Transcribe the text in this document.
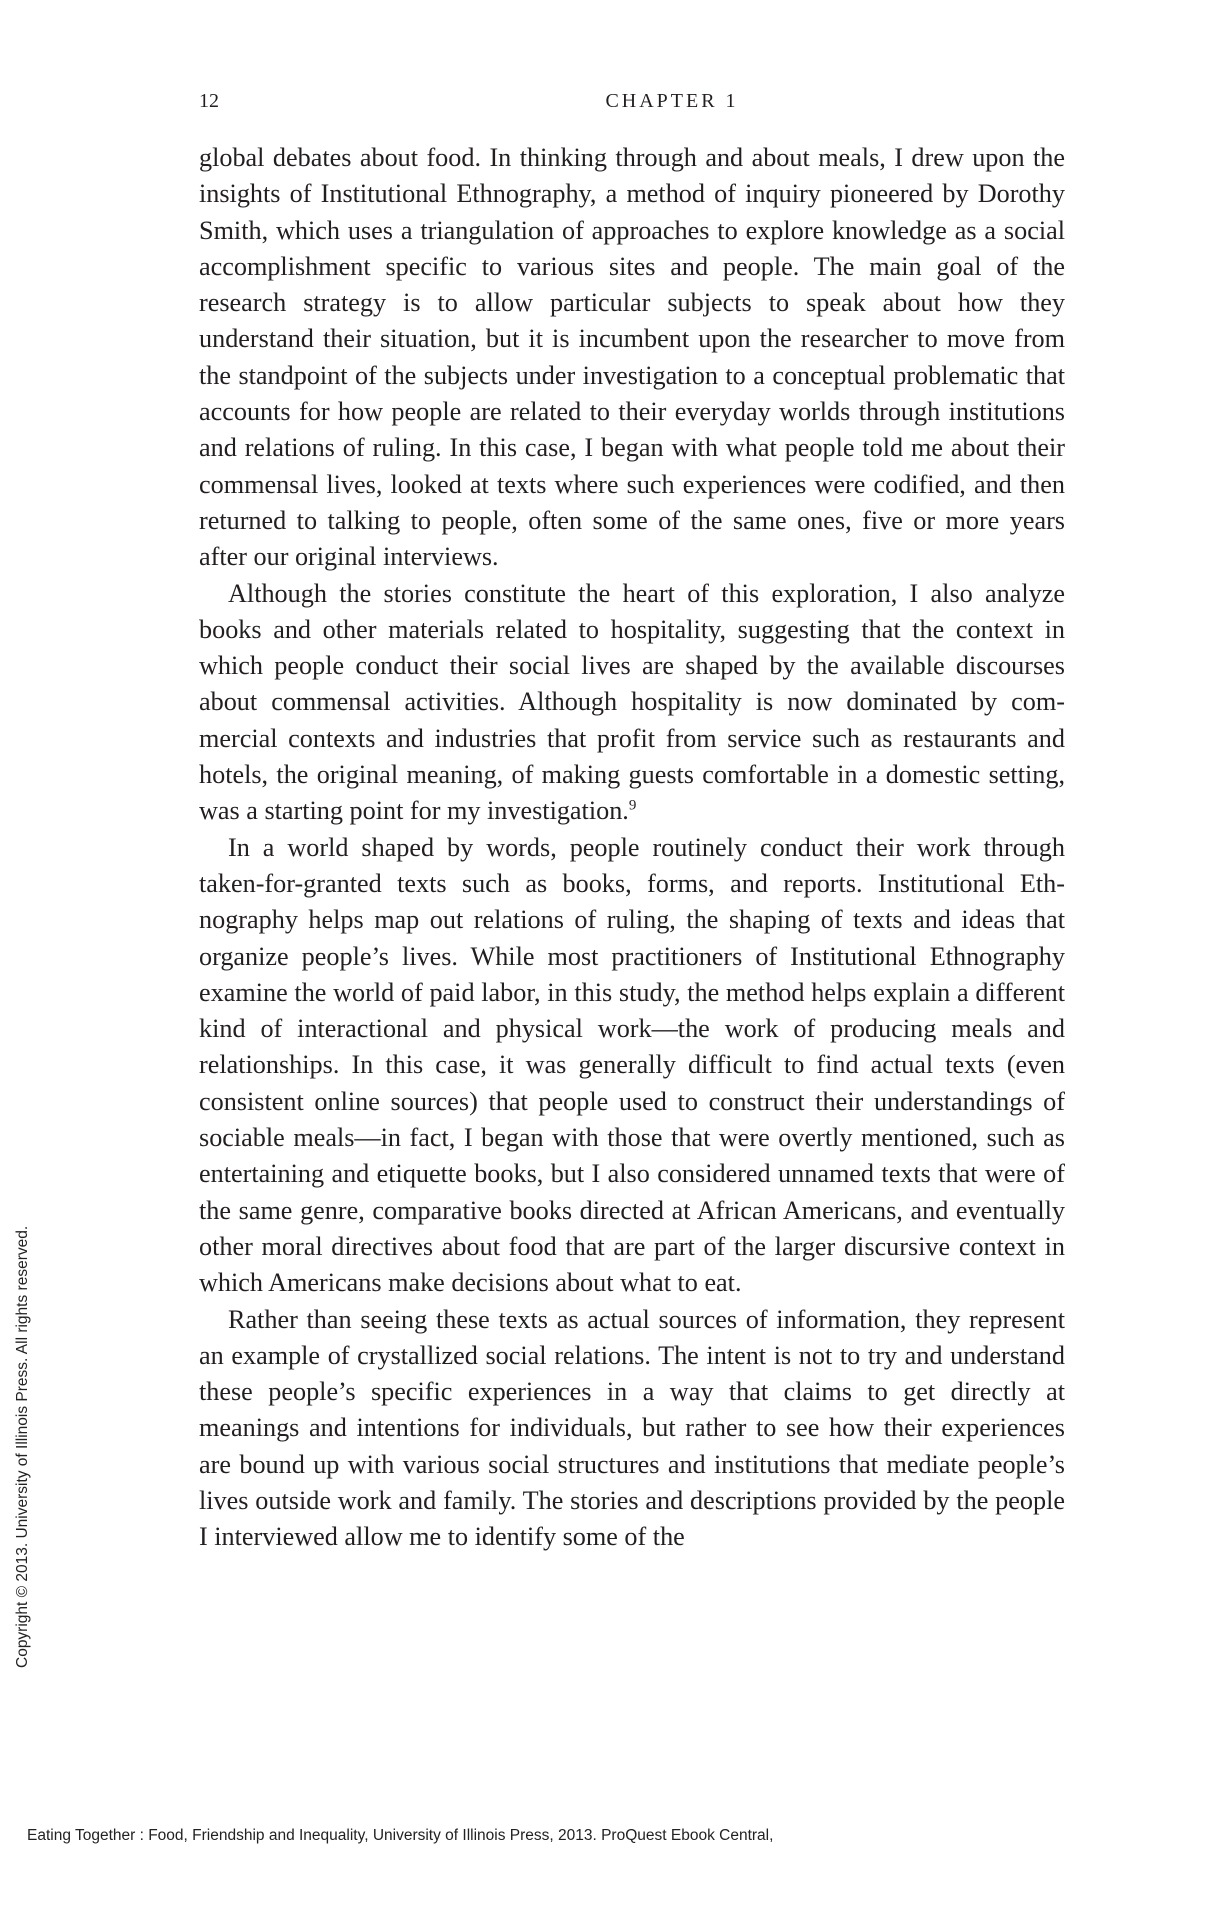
12	CHAPTER 1

global debates about food. In thinking through and about meals, I drew upon the insights of Institutional Ethnography, a method of inquiry pioneered by Dorothy Smith, which uses a triangulation of approaches to explore knowledge as a social accomplishment specific to various sites and people. The main goal of the research strategy is to allow particular subjects to speak about how they understand their situation, but it is incumbent upon the researcher to move from the standpoint of the subjects under investigation to a conceptual problematic that accounts for how people are related to their everyday worlds through institutions and relations of ruling. In this case, I began with what people told me about their commensal lives, looked at texts where such experiences were codified, and then returned to talking to people, often some of the same ones, five or more years after our original interviews.

Although the stories constitute the heart of this exploration, I also analyze books and other materials related to hospitality, suggesting that the context in which people conduct their social lives are shaped by the available discourses about commensal activities. Although hospitality is now dominated by commercial contexts and industries that profit from service such as restaurants and hotels, the original meaning, of making guests comfortable in a domestic setting, was a starting point for my investigation.$^9$

In a world shaped by words, people routinely conduct their work through taken-for-granted texts such as books, forms, and reports. Institutional Ethnography helps map out relations of ruling, the shaping of texts and ideas that organize people’s lives. While most practitioners of Institutional Ethnography examine the world of paid labor, in this study, the method helps explain a different kind of interactional and physical work—the work of producing meals and relationships. In this case, it was generally difficult to find actual texts (even consistent online sources) that people used to construct their understandings of sociable meals—in fact, I began with those that were overtly mentioned, such as entertaining and etiquette books, but I also considered unnamed texts that were of the same genre, comparative books directed at African Americans, and eventually other moral directives about food that are part of the larger discursive context in which Americans make decisions about what to eat.

Rather than seeing these texts as actual sources of information, they represent an example of crystallized social relations. The intent is not to try and understand these people’s specific experiences in a way that claims to get directly at meanings and intentions for individuals, but rather to see how their experiences are bound up with various social structures and institutions that mediate people’s lives outside work and family. The stories and descriptions provided by the people I interviewed allow me to identify some of the

Copyright © 2013. University of Illinois Press. All rights reserved.
Eating Together : Food, Friendship and Inequality, University of Illinois Press, 2013. ProQuest Ebook Central,
